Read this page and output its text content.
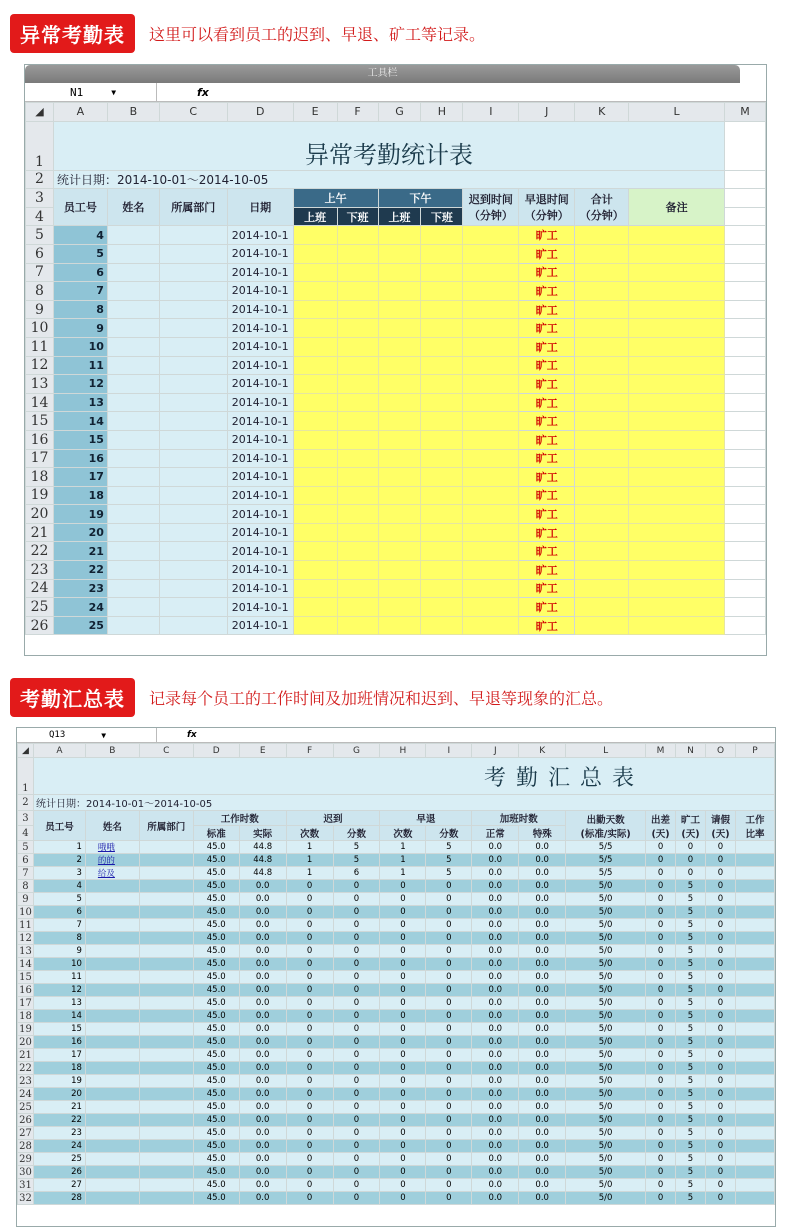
异常考勤表	这里可以看到员工的迟到、早退、矿工等记录。
工具栏
N1	▼	fx
◢	A	B	C	D	E	F	G	H	I	J	K	L	M
1	异常考勤统计表												
2	统计日期：2014-10-01～2014-10-05												
3	员工号	姓名	所属部门	日期	上午		下午		迟到时间
（分钟）	早退时间
（分钟）	合计
（分钟）	备注	
4					上班	下班	上班	下班					
5	4			2014-10-1						旷工			
6	5			2014-10-1						旷工			
7	6			2014-10-1						旷工			
8	7			2014-10-1						旷工			
9	8			2014-10-1						旷工			
10	9			2014-10-1						旷工			
11	10			2014-10-1						旷工			
12	11			2014-10-1						旷工			
13	12			2014-10-1						旷工			
14	13			2014-10-1						旷工			
15	14			2014-10-1						旷工			
16	15			2014-10-1						旷工			
17	16			2014-10-1						旷工			
18	17			2014-10-1						旷工			
19	18			2014-10-1						旷工			
20	19			2014-10-1						旷工			
21	20			2014-10-1						旷工			
22	21			2014-10-1						旷工			
23	22			2014-10-1						旷工			
24	23			2014-10-1						旷工			
25	24			2014-10-1						旷工			
26	25			2014-10-1						旷工			
考勤汇总表	记录每个员工的工作时间及加班情况和迟到、早退等现象的汇总。
Q13	▼	fx
◢	A	B	C	D	E	F	G	H	I	J	K	L	M	N	O	P
1	考勤汇总表															
2	统计日期：2014-10-01～2014-10-05															
3	员工号	姓名	所属部门	工作时数		迟到		早退		加班时数		出勤天数
(标准/实际)	出差
(天)	旷工
(天)	请假
(天)	工作
比率
4				标准	实际	次数	分数	次数	分数	正常	特殊					
5	1	哦哦		45.0	44.8	1	5	1	5	0.0	0.0	5/5	0	0	0	
6	2	的的		45.0	44.8	1	5	1	5	0.0	0.0	5/5	0	0	0	
7	3	给及		45.0	44.8	1	6	1	5	0.0	0.0	5/5	0	0	0	
8	4			45.0	0.0	0	0	0	0	0.0	0.0	5/0	0	5	0	
9	5			45.0	0.0	0	0	0	0	0.0	0.0	5/0	0	5	0	
10	6			45.0	0.0	0	0	0	0	0.0	0.0	5/0	0	5	0	
11	7			45.0	0.0	0	0	0	0	0.0	0.0	5/0	0	5	0	
12	8			45.0	0.0	0	0	0	0	0.0	0.0	5/0	0	5	0	
13	9			45.0	0.0	0	0	0	0	0.0	0.0	5/0	0	5	0	
14	10			45.0	0.0	0	0	0	0	0.0	0.0	5/0	0	5	0	
15	11			45.0	0.0	0	0	0	0	0.0	0.0	5/0	0	5	0	
16	12			45.0	0.0	0	0	0	0	0.0	0.0	5/0	0	5	0	
17	13			45.0	0.0	0	0	0	0	0.0	0.0	5/0	0	5	0	
18	14			45.0	0.0	0	0	0	0	0.0	0.0	5/0	0	5	0	
19	15			45.0	0.0	0	0	0	0	0.0	0.0	5/0	0	5	0	
20	16			45.0	0.0	0	0	0	0	0.0	0.0	5/0	0	5	0	
21	17			45.0	0.0	0	0	0	0	0.0	0.0	5/0	0	5	0	
22	18			45.0	0.0	0	0	0	0	0.0	0.0	5/0	0	5	0	
23	19			45.0	0.0	0	0	0	0	0.0	0.0	5/0	0	5	0	
24	20			45.0	0.0	0	0	0	0	0.0	0.0	5/0	0	5	0	
25	21			45.0	0.0	0	0	0	0	0.0	0.0	5/0	0	5	0	
26	22			45.0	0.0	0	0	0	0	0.0	0.0	5/0	0	5	0	
27	23			45.0	0.0	0	0	0	0	0.0	0.0	5/0	0	5	0	
28	24			45.0	0.0	0	0	0	0	0.0	0.0	5/0	0	5	0	
29	25			45.0	0.0	0	0	0	0	0.0	0.0	5/0	0	5	0	
30	26			45.0	0.0	0	0	0	0	0.0	0.0	5/0	0	5	0	
31	27			45.0	0.0	0	0	0	0	0.0	0.0	5/0	0	5	0	
32	28			45.0	0.0	0	0	0	0	0.0	0.0	5/0	0	5	0	
